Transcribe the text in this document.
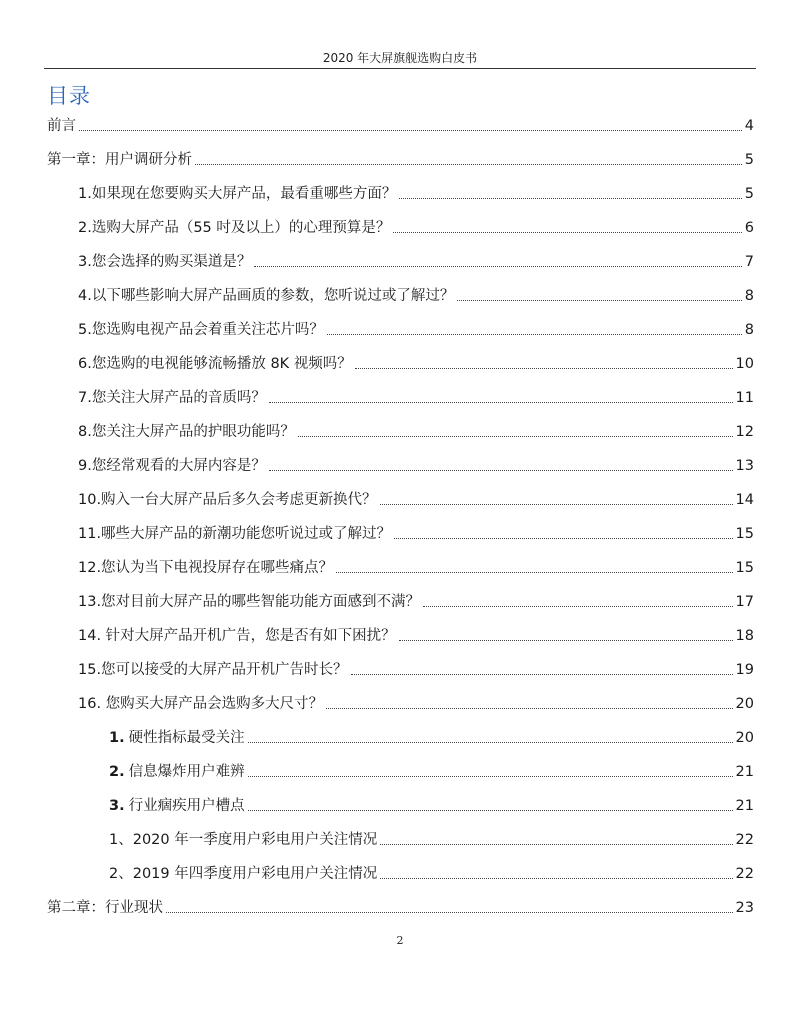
2020 年大屏旗舰选购白皮书
目录
前言	4
第一章：用户调研分析	5
1.如果现在您要购买大屏产品，最看重哪些方面？	5
2.选购大屏产品（55 吋及以上）的心理预算是？	6
3.您会选择的购买渠道是？	7
4.以下哪些影响大屏产品画质的参数，您听说过或了解过？	8
5.您选购电视产品会着重关注芯片吗？	8
6.您选购的电视能够流畅播放 8K 视频吗？	10
7.您关注大屏产品的音质吗？	11
8.您关注大屏产品的护眼功能吗？	12
9.您经常观看的大屏内容是？	13
10.购入一台大屏产品后多久会考虑更新换代？	14
11.哪些大屏产品的新潮功能您听说过或了解过？	15
12.您认为当下电视投屏存在哪些痛点？	15
13.您对目前大屏产品的哪些智能功能方面感到不满？	17
14. 针对大屏产品开机广告，您是否有如下困扰？	18
15.您可以接受的大屏产品开机广告时长？	19
16. 您购买大屏产品会选购多大尺寸？	20
1. 硬性指标最受关注	20
2. 信息爆炸用户难辨	21
3. 行业痼疾用户槽点	21
1、2020 年一季度用户彩电用户关注情况	22
2、2019 年四季度用户彩电用户关注情况	22
第二章：行业现状	23
2
